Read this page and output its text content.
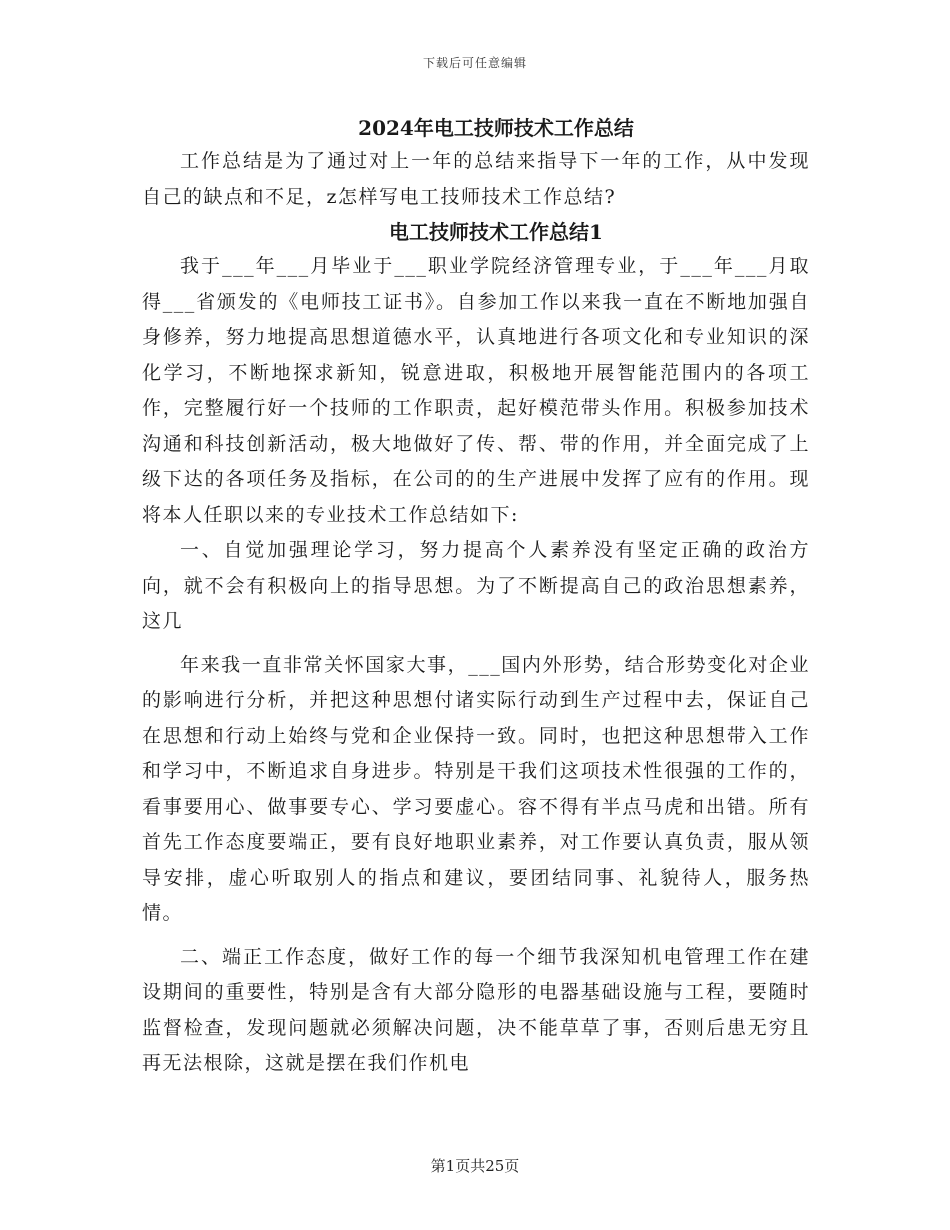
下载后可任意编辑
2024年电工技师技术工作总结

工作总结是为了通过对上一年的总结来指导下一年的工作，从中发现自己的缺点和不足，z怎样写电工技师技术工作总结?

电工技师技术工作总结1

我于___年___月毕业于___职业学院经济管理专业，于___年___月取得___省颁发的《电师技工证书》。自参加工作以来我一直在不断地加强自身修养，努力地提高思想道德水平，认真地进行各项文化和专业知识的深化学习，不断地探求新知，锐意进取，积极地开展智能范围内的各项工作，完整履行好一个技师的工作职责，起好模范带头作用。积极参加技术沟通和科技创新活动，极大地做好了传、帮、带的作用，并全面完成了上级下达的各项任务及指标，在公司的的生产进展中发挥了应有的作用。现将本人任职以来的专业技术工作总结如下:

一、自觉加强理论学习，努力提高个人素养没有坚定正确的政治方向，就不会有积极向上的指导思想。为了不断提高自己的政治思想素养，这几

年来我一直非常关怀国家大事，___国内外形势，结合形势变化对企业的影响进行分析，并把这种思想付诸实际行动到生产过程中去，保证自己在思想和行动上始终与党和企业保持一致。同时，也把这种思想带入工作和学习中，不断追求自身进步。特别是干我们这项技术性很强的工作的，看事要用心、做事要专心、学习要虚心。容不得有半点马虎和出错。所有首先工作态度要端正，要有良好地职业素养，对工作要认真负责，服从领导安排，虚心听取别人的指点和建议，要团结同事、礼貌待人，服务热情。

二、端正工作态度，做好工作的每一个细节我深知机电管理工作在建设期间的重要性，特别是含有大部分隐形的电器基础设施与工程，要随时监督检查，发现问题就必须解决问题，决不能草草了事，否则后患无穷且再无法根除，这就是摆在我们作机电

第1页共25页
